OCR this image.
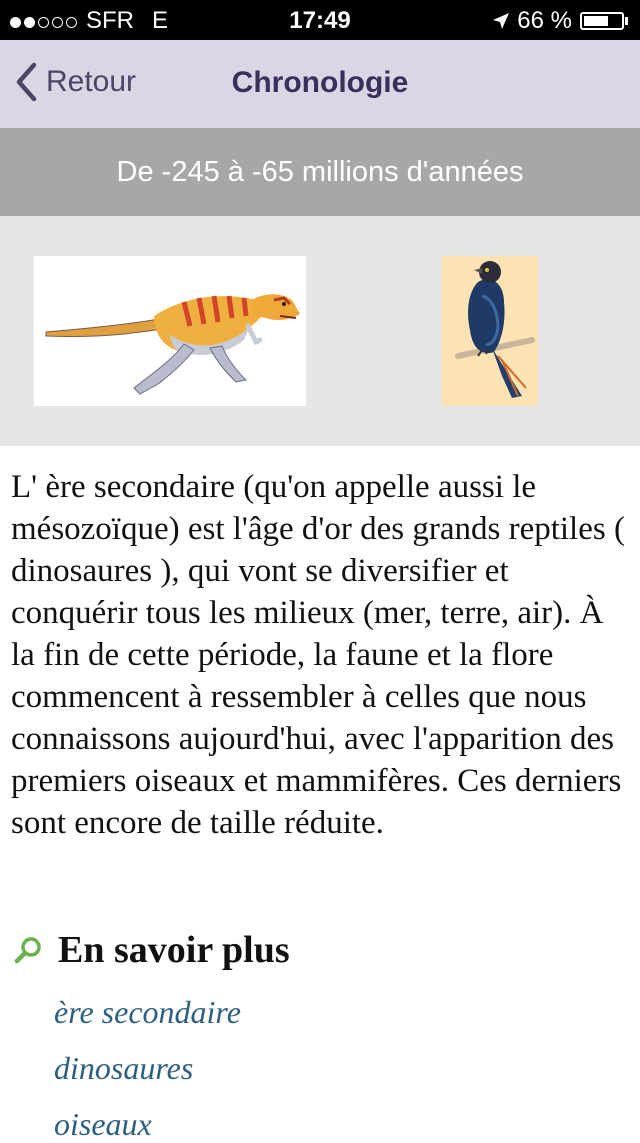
SFR E	17:49	66 %
Retour	Chronologie
De -245 à -65 millions d'années

L' ère secondaire (qu'on appelle aussi le mésozoïque) est l'âge d'or des grands reptiles ( dinosaures ), qui vont se diversifier et conquérir tous les milieux (mer, terre, air). À la fin de cette période, la faune et la flore commencent à ressembler à celles que nous connaissons aujourd'hui, avec l'apparition des premiers oiseaux et mammifères. Ces derniers sont encore de taille réduite.

En savoir plus
ère secondaire
dinosaures
oiseaux
